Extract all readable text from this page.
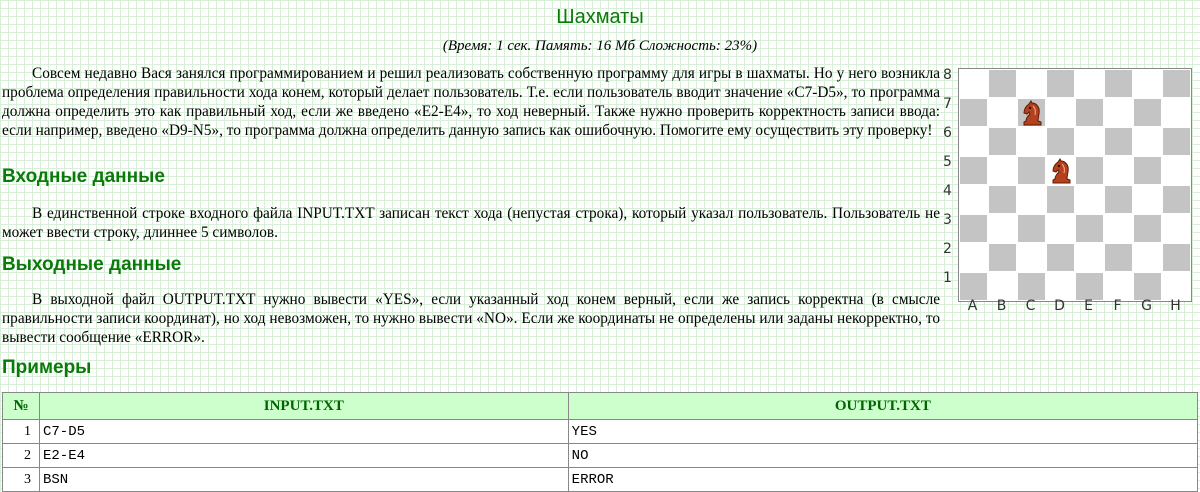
Шахматы
(Время: 1 сек. Память: 16 Мб Сложность: 23%)

Совсем недавно Вася занялся программированием и решил реализовать собственную программу для игры в шахматы. Но у него возникла проблема определения правильности хода конем, который делает пользователь. Т.е. если пользователь вводит значение «C7-D5», то программа должна определить это как правильный ход, если же введено «E2-E4», то ход неверный. Также нужно проверить корректность записи ввода: если например, введено «D9-N5», то программа должна определить данную запись как ошибочную. Помогите ему осуществить эту проверку!

Входные данные

В единственной строке входного файла INPUT.TXT записан текст хода (непустая строка), который указал пользователь. Пользователь не может ввести строку, длиннее 5 символов.

Выходные данные

В выходной файл OUTPUT.TXT нужно вывести «YES», если указанный ход конем верный, если же запись корректна (в смысле правильности записи координат), но ход невозможен, то нужно вывести «NO». Если же координаты не определены или заданы некорректно, то вывести сообщение «ERROR».

Примеры
8
7
6
5
4
3
2
1
A	B	C	D	E	F	G	H
№	INPUT.TXT	OUTPUT.TXT
1	C7-D5	YES
2	E2-E4	NO
3	BSN	ERROR
